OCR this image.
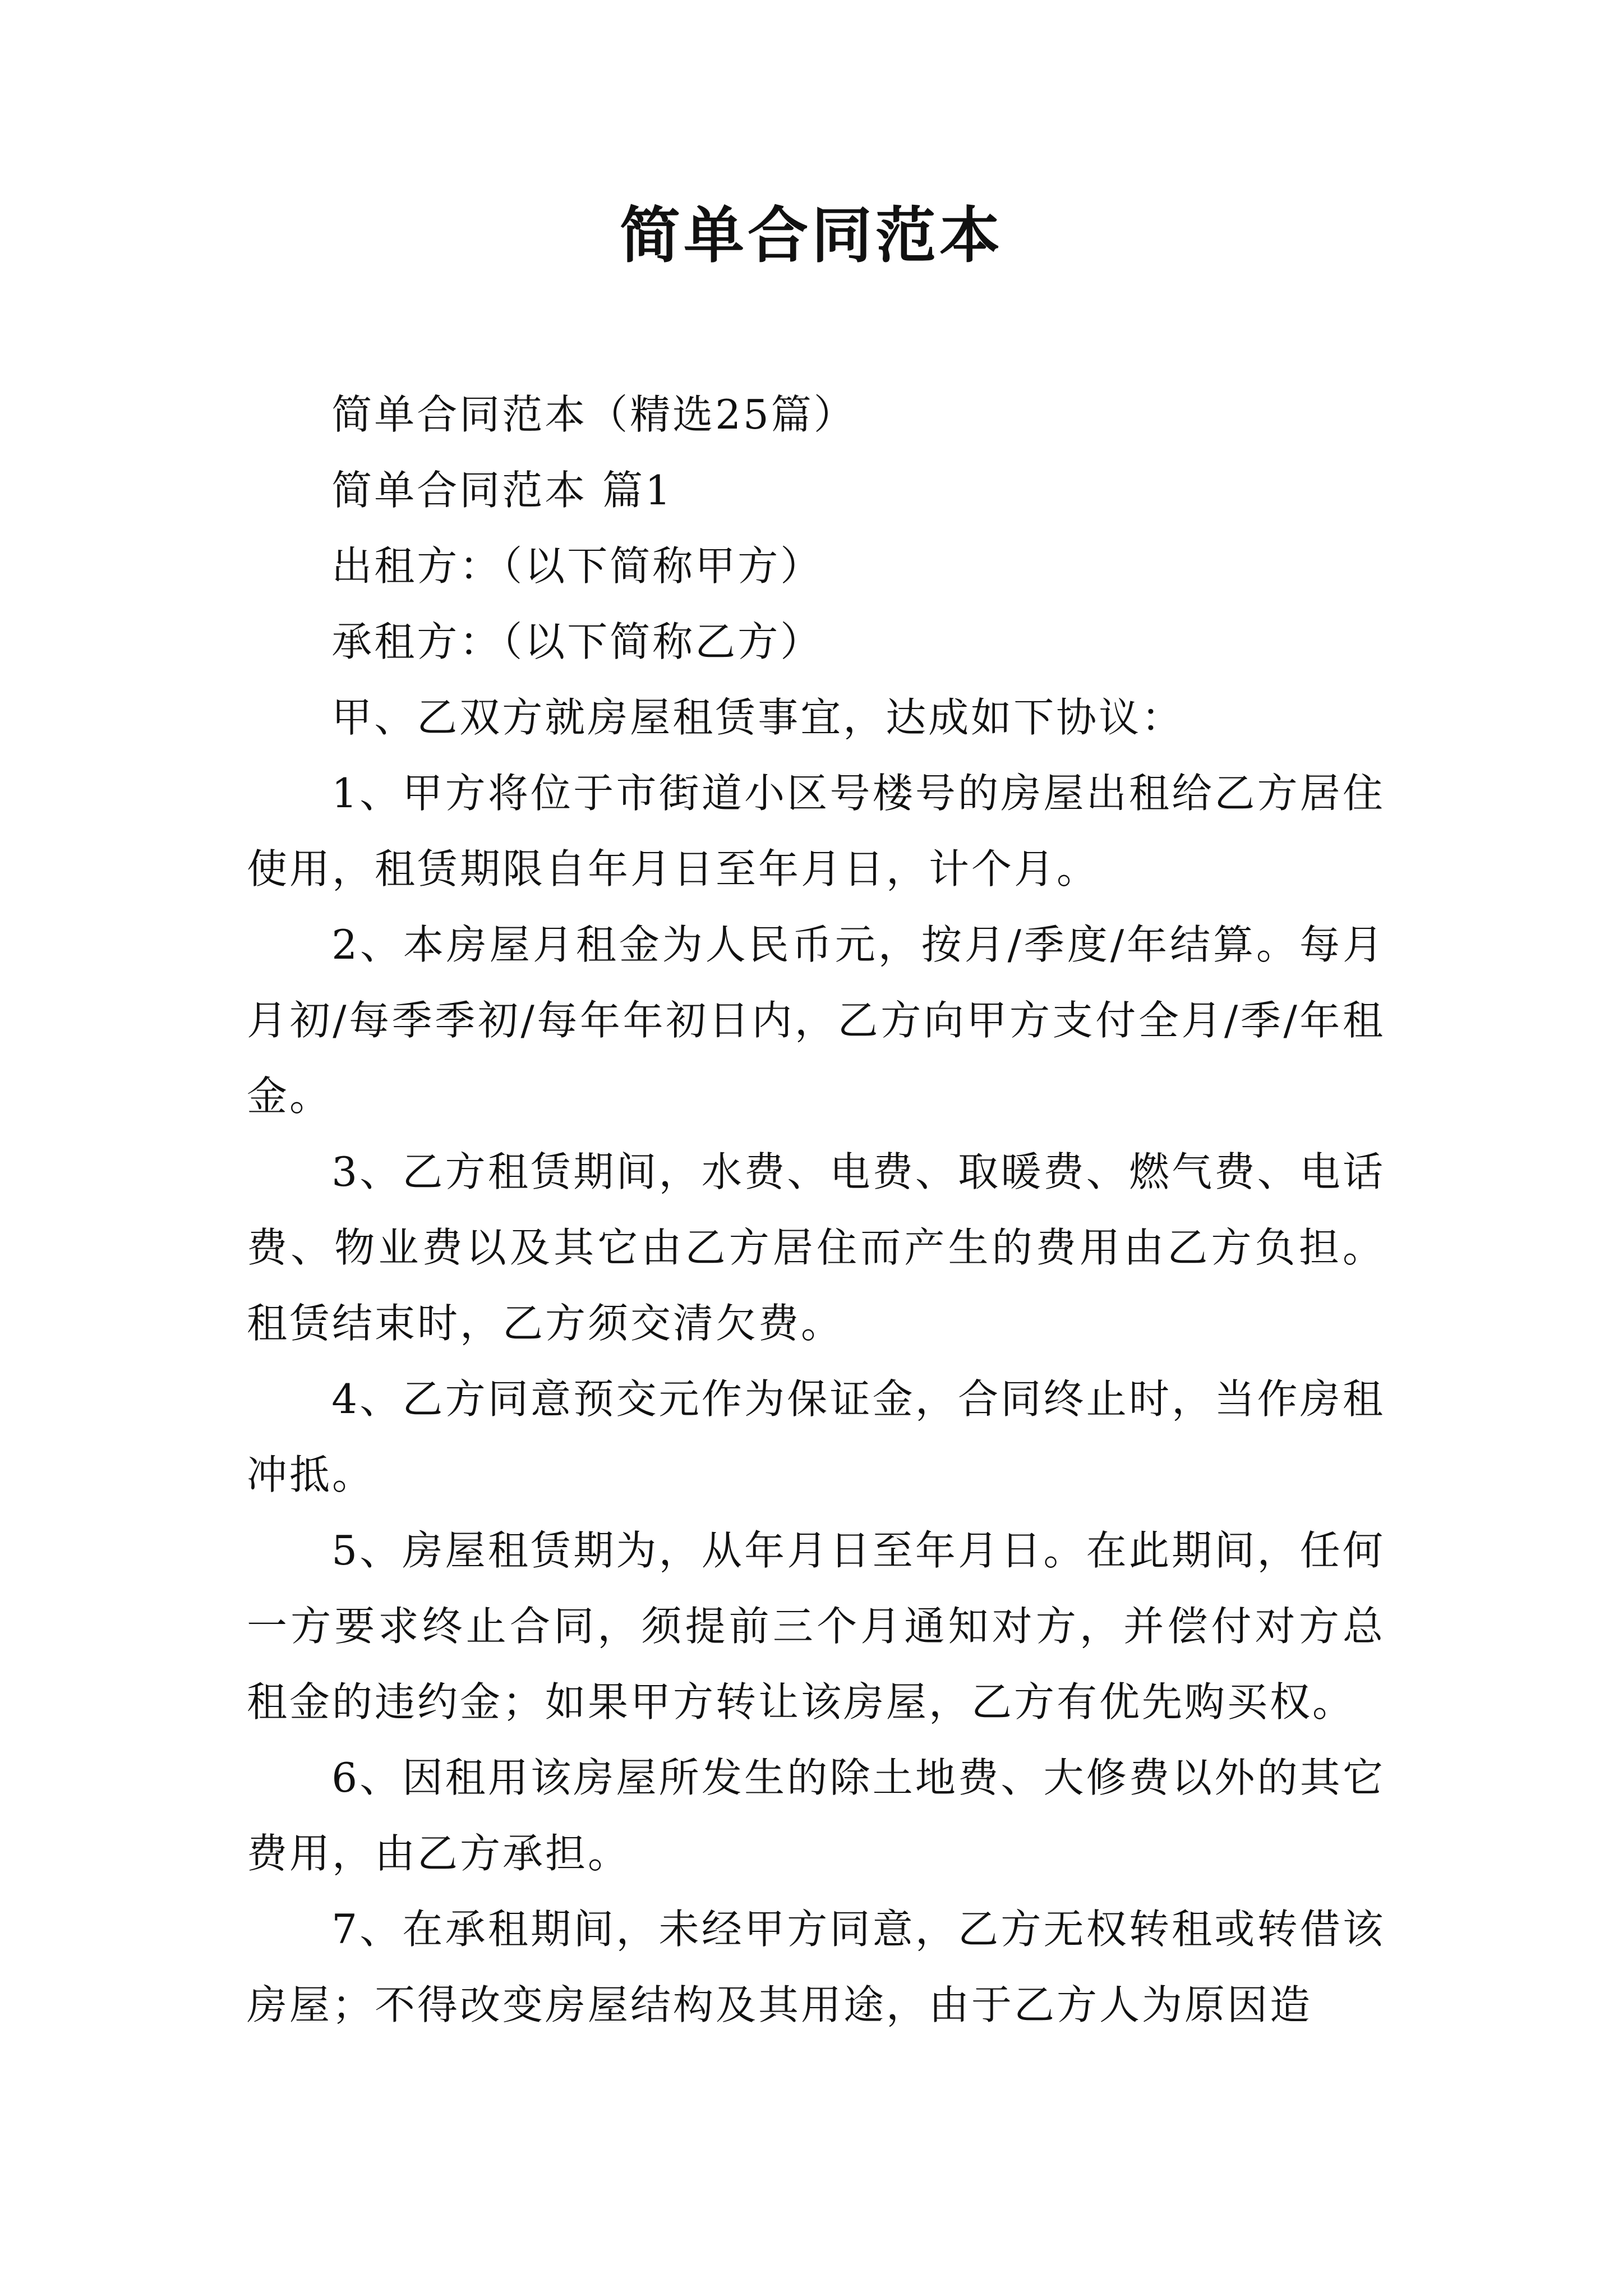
简单合同范本

简单合同范本（精选25篇）

简单合同范本 篇1

出租方：（以下简称甲方）

承租方：（以下简称乙方）

甲、乙双方就房屋租赁事宜，达成如下协议：

1、甲方将位于市街道小区号楼号的房屋出租给乙方居住使用，租赁期限自年月日至年月日，计个月。

2、本房屋月租金为人民币元，按月/季度/年结算。每月月初/每季季初/每年年初日内，乙方向甲方支付全月/季/年租金。

3、乙方租赁期间，水费、电费、取暖费、燃气费、电话费、物业费以及其它由乙方居住而产生的费用由乙方负担。租赁结束时，乙方须交清欠费。

4、乙方同意预交元作为保证金，合同终止时，当作房租冲抵。

5、房屋租赁期为，从年月日至年月日。在此期间，任何一方要求终止合同，须提前三个月通知对方，并偿付对方总租金的违约金；如果甲方转让该房屋，乙方有优先购买权。

6、因租用该房屋所发生的除土地费、大修费以外的其它费用，由乙方承担。

7、在承租期间，未经甲方同意，乙方无权转租或转借该房屋；不得改变房屋结构及其用途，由于乙方人为原因造
